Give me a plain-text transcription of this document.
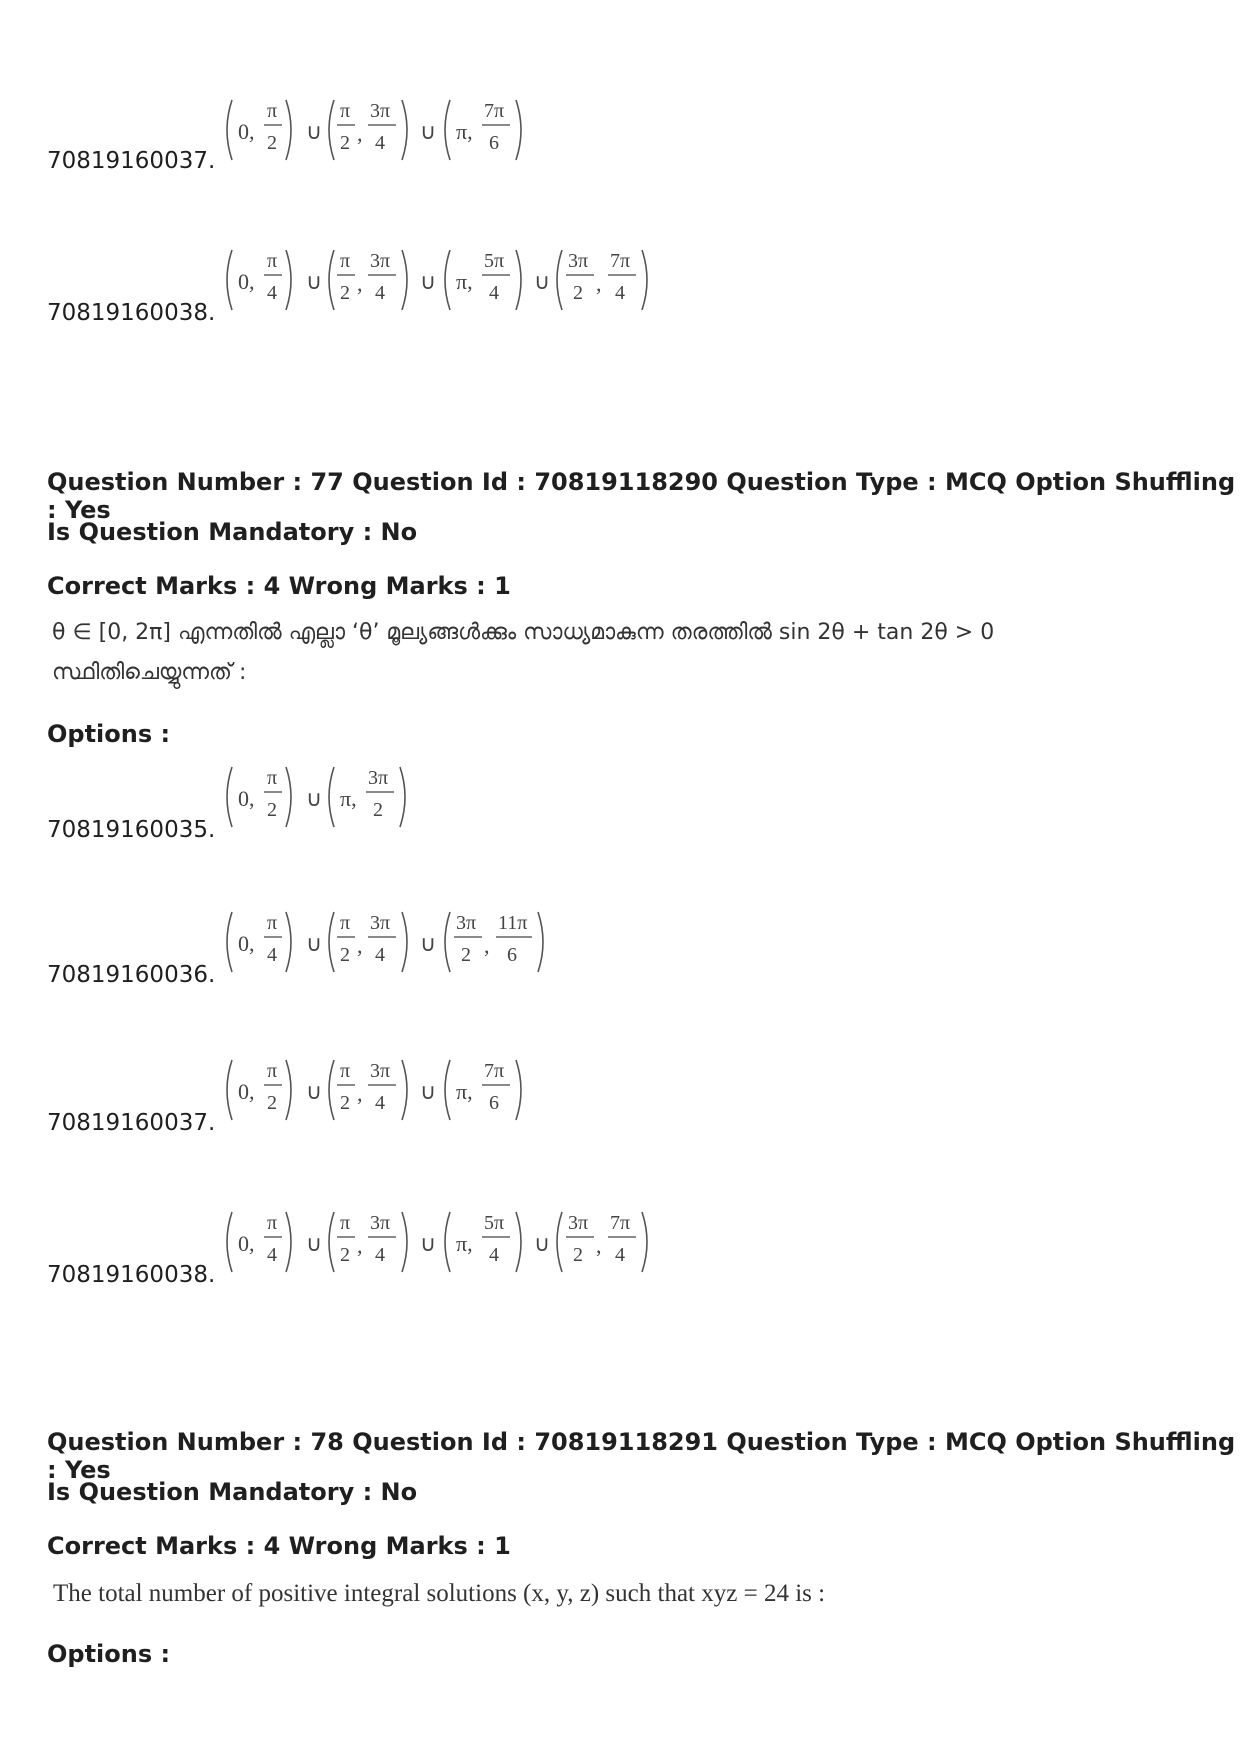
70819160037.
0,
π
2 ∪
π
2 ,
3π
4 ∪ π,
7π
6
70819160038.
0,
π
4 ∪
π
2 ,
3π
4 ∪ π,
5π
4 ∪
3π
2 ,
7π
4
Question Number : 77 Question Id : 70819118290 Question Type : MCQ Option Shuffling : Yes
Is Question Mandatory : No
Correct Marks : 4 Wrong Marks : 1
θ ∈ [0, 2π] എന്നതിൽ എല്ലാ ‘θ’ മൂല്യങ്ങൾക്കും സാധ്യമാകുന്ന തരത്തിൽ sin 2θ + tan 2θ > 0
സ്ഥിതിചെയ്യുന്നത് :
Options :
70819160035.
0,
π
2 ∪ π,
3π
2
70819160036.
0,
π
4 ∪
π
2 ,
3π
4 ∪
3π
2 ,
11π
6
70819160037.
0,
π
2 ∪
π
2 ,
3π
4 ∪ π,
7π
6
70819160038.
0,
π
4 ∪
π
2 ,
3π
4 ∪ π,
5π
4 ∪
3π
2 ,
7π
4
Question Number : 78 Question Id : 70819118291 Question Type : MCQ Option Shuffling : Yes
Is Question Mandatory : No
Correct Marks : 4 Wrong Marks : 1
The total number of positive integral solutions (x, y, z) such that xyz = 24 is :
Options :
